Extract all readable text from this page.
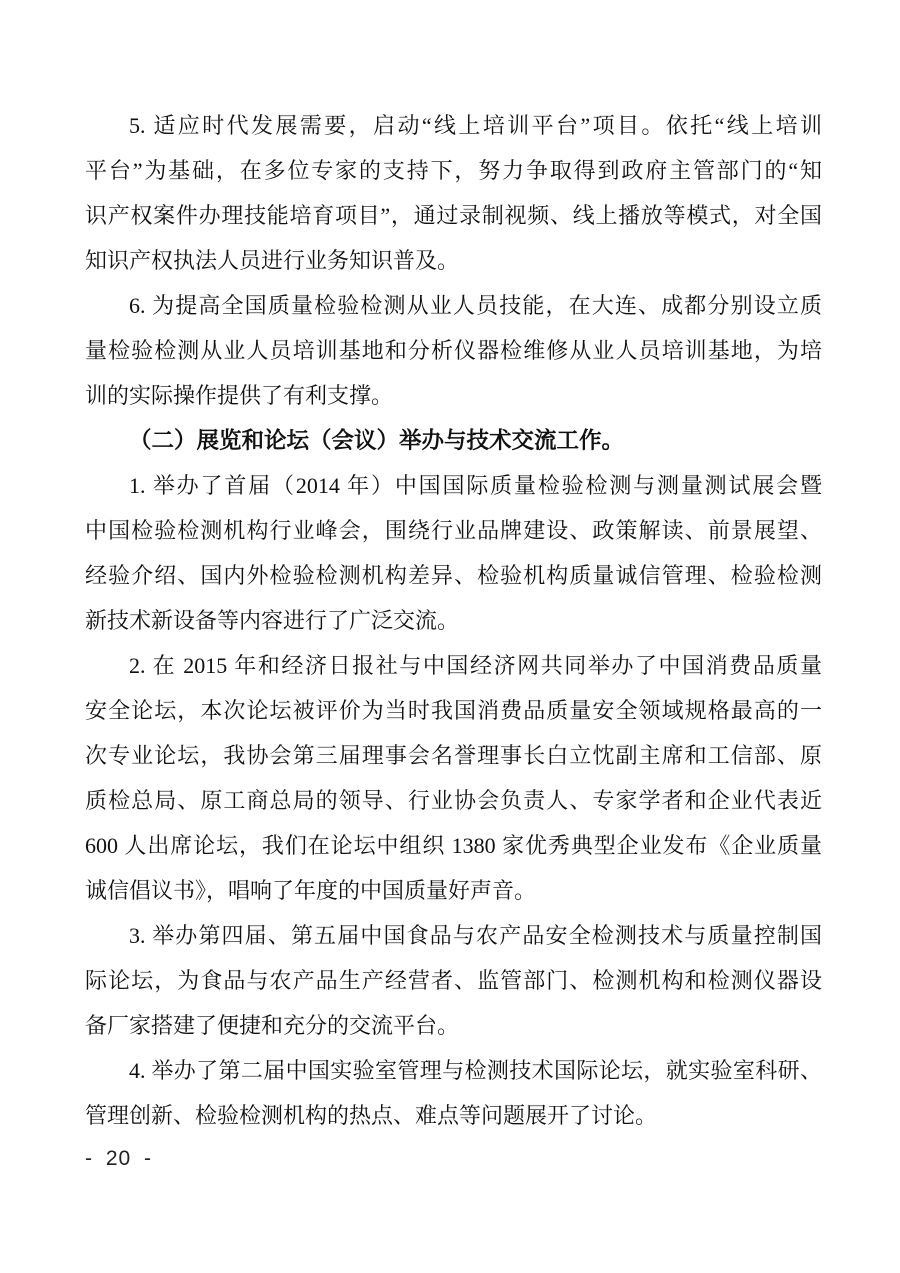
5. 适应时代发展需要，启动“线上培训平台”项目。依托“线上培训
平台”为基础，在多位专家的支持下，努力争取得到政府主管部门的“知
识产权案件办理技能培育项目”，通过录制视频、线上播放等模式，对全国
知识产权执法人员进行业务知识普及。
6. 为提高全国质量检验检测从业人员技能，在大连、成都分别设立质
量检验检测从业人员培训基地和分析仪器检维修从业人员培训基地，为培
训的实际操作提供了有利支撑。
（二）展览和论坛（会议）举办与技术交流工作。
1. 举办了首届（2014 年）中国国际质量检验检测与测量测试展会暨
中国检验检测机构行业峰会，围绕行业品牌建设、政策解读、前景展望、
经验介绍、国内外检验检测机构差异、检验机构质量诚信管理、检验检测
新技术新设备等内容进行了广泛交流。
2. 在 2015 年和经济日报社与中国经济网共同举办了中国消费品质量
安全论坛，本次论坛被评价为当时我国消费品质量安全领域规格最高的一
次专业论坛，我协会第三届理事会名誉理事长白立忱副主席和工信部、原
质检总局、原工商总局的领导、行业协会负责人、专家学者和企业代表近
600 人出席论坛，我们在论坛中组织 1380 家优秀典型企业发布《企业质量
诚信倡议书》，唱响了年度的中国质量好声音。
3. 举办第四届、第五届中国食品与农产品安全检测技术与质量控制国
际论坛，为食品与农产品生产经营者、监管部门、检测机构和检测仪器设
备厂家搭建了便捷和充分的交流平台。
4. 举办了第二届中国实验室管理与检测技术国际论坛，就实验室科研、
管理创新、检验检测机构的热点、难点等问题展开了讨论。
- 20 -
